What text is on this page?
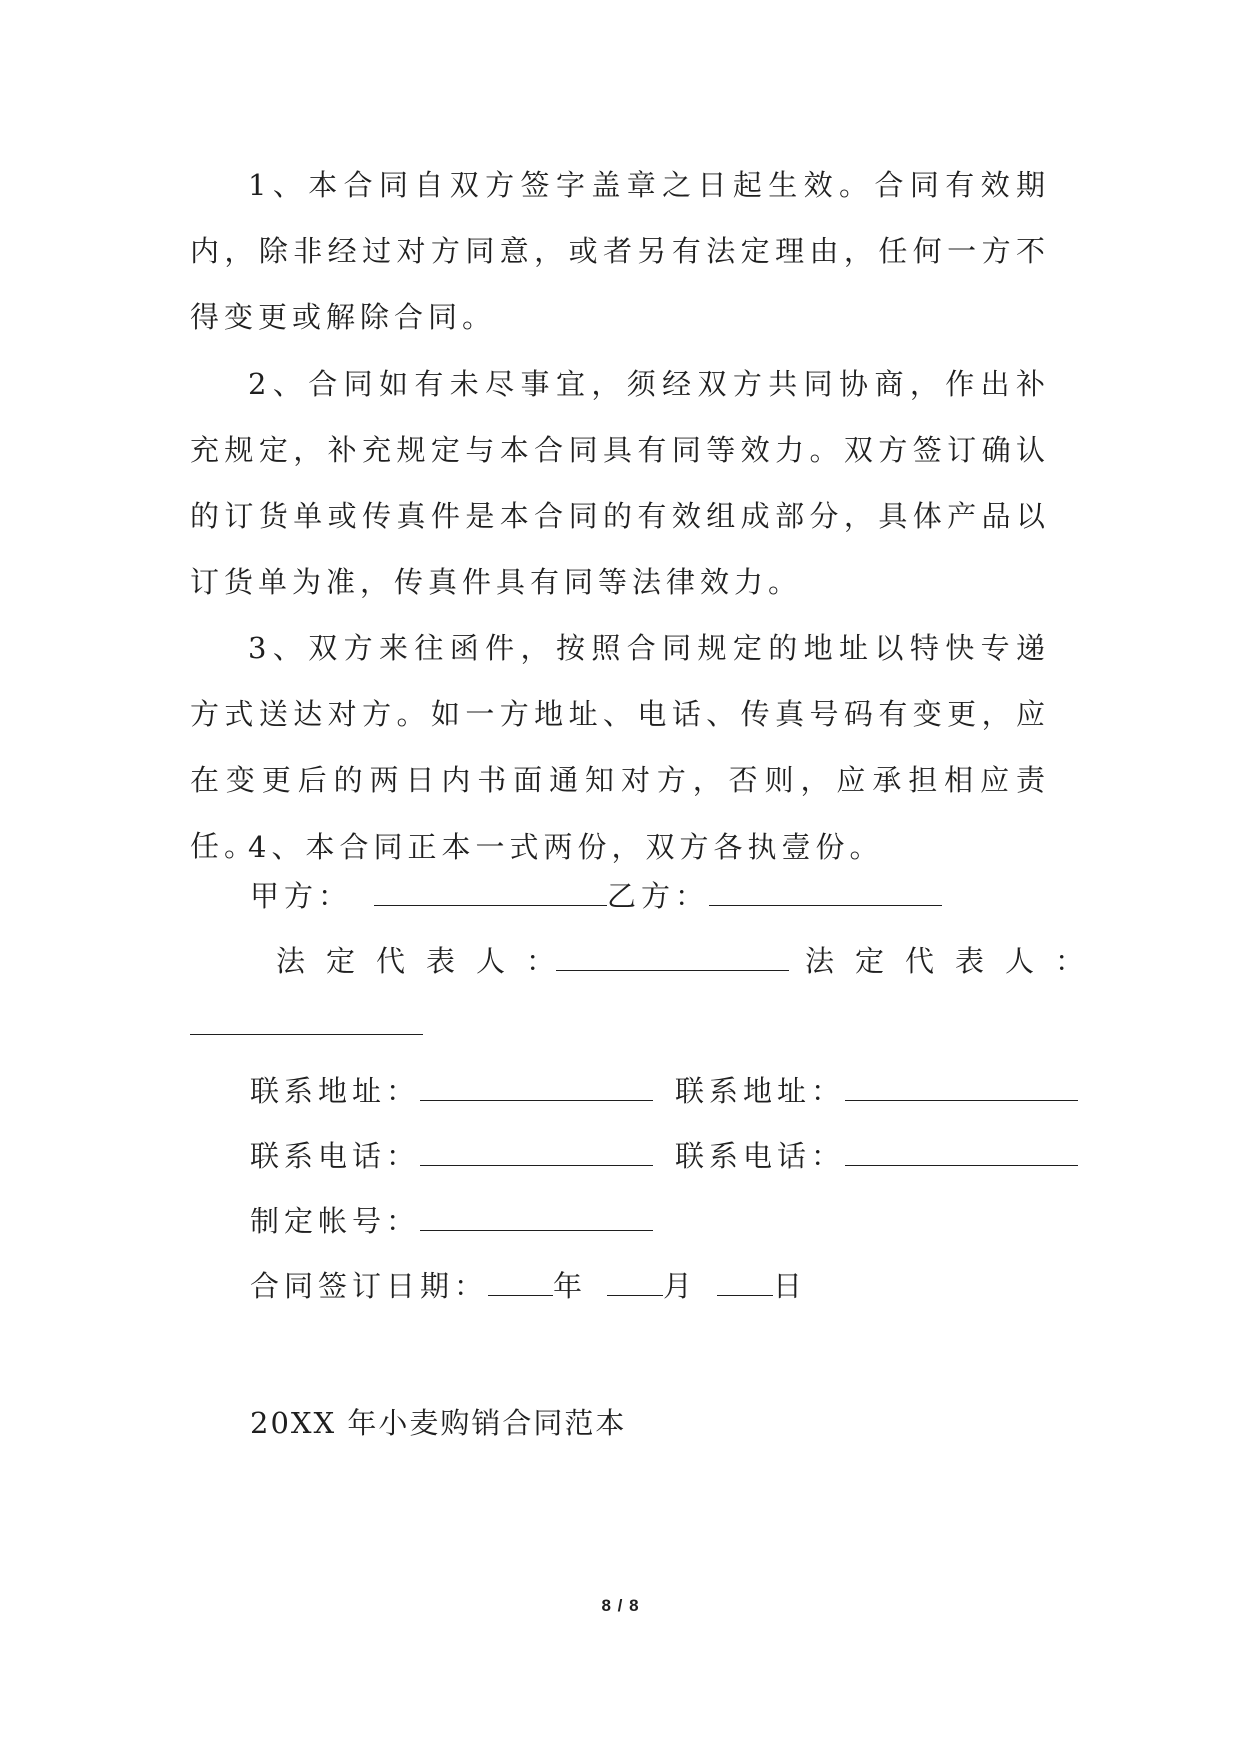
1、本合同自双方签字盖章之日起生效。合同有效期内，除非经过对方同意，或者另有法定理由，任何一方不得变更或解除合同。

2、合同如有未尽事宜，须经双方共同协商，作出补充规定，补充规定与本合同具有同等效力。双方签订确认的订货单或传真件是本合同的有效组成部分，具体产品以订货单为准，传真件具有同等法律效力。

3、双方来往函件，按照合同规定的地址以特快专递方式送达对方。如一方地址、电话、传真号码有变更，应在变更后的两日内书面通知对方，否则，应承担相应责任。

4、本合同正本一式两份，双方各执壹份。

甲方：	乙方：
法定代表人：	法定代表人：
联系地址：	联系地址：
联系电话：	联系电话：
制定帐号：
合同签订日期： 年	月	日
20XX 年小麦购销合同范本
8 / 8
